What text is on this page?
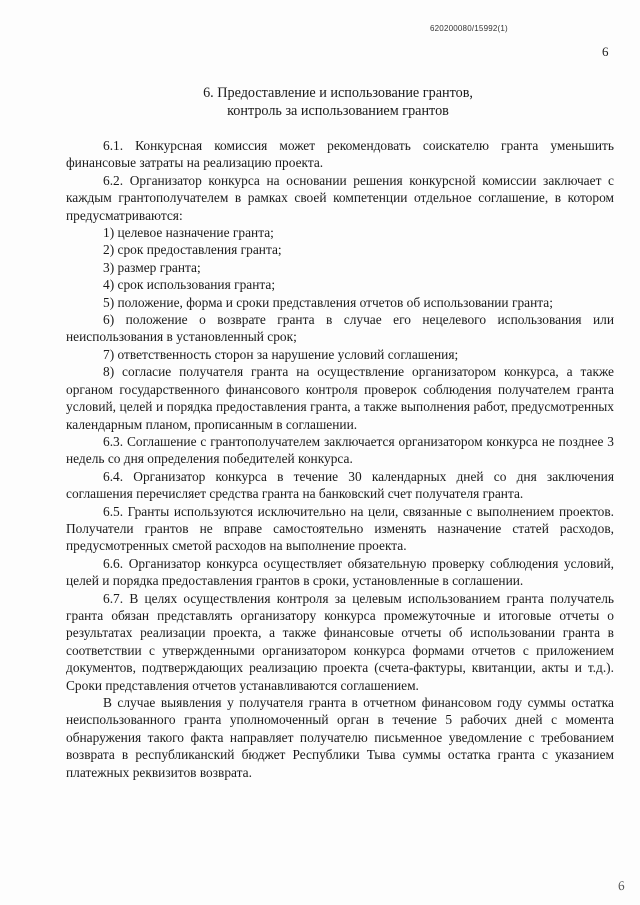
620200080/15992(1)
6
6. Предоставление и использование грантов,
контроль за использованием грантов

6.1. Конкурсная комиссия может рекомендовать соискателю гранта уменьшить финансовые затраты на реализацию проекта.

6.2. Организатор конкурса на основании решения конкурсной комиссии заключает с каждым грантополучателем в рамках своей компетенции отдельное соглашение, в котором предусматриваются:

1) целевое назначение гранта;

2) срок предоставления гранта;

3) размер гранта;

4) срок использования гранта;

5) положение, форма и сроки представления отчетов об использовании гранта;

6) положение о возврате гранта в случае его нецелевого использования или неиспользования в установленный срок;

7) ответственность сторон за нарушение условий соглашения;

8) согласие получателя гранта на осуществление организатором конкурса, а также органом государственного финансового контроля проверок соблюдения получателем гранта условий, целей и порядка предоставления гранта, а также выполнения работ, предусмотренных календарным планом, прописанным в соглашении.

6.3. Соглашение с грантополучателем заключается организатором конкурса не позднее 3 недель со дня определения победителей конкурса.

6.4. Организатор конкурса в течение 30 календарных дней со дня заключения соглашения перечисляет средства гранта на банковский счет получателя гранта.

6.5. Гранты используются исключительно на цели, связанные с выполнением проектов. Получатели грантов не вправе самостоятельно изменять назначение статей расходов, предусмотренных сметой расходов на выполнение проекта.

6.6. Организатор конкурса осуществляет обязательную проверку соблюдения условий, целей и порядка предоставления грантов в сроки, установленные в соглашении.

6.7. В целях осуществления контроля за целевым использованием гранта получатель гранта обязан представлять организатору конкурса промежуточные и итоговые отчеты о результатах реализации проекта, а также финансовые отчеты об использовании гранта в соответствии с утвержденными организатором конкурса формами отчетов с приложением документов, подтверждающих реализацию проекта (счета-фактуры, квитанции, акты и т.д.). Сроки представления отчетов устанавливаются соглашением.

В случае выявления у получателя гранта в отчетном финансовом году суммы остатка неиспользованного гранта уполномоченный орган в течение 5 рабочих дней с момента обнаружения такого факта направляет получателю письменное уведомление с требованием возврата в республиканский бюджет Республики Тыва суммы остатка гранта с указанием платежных реквизитов возврата.

6
